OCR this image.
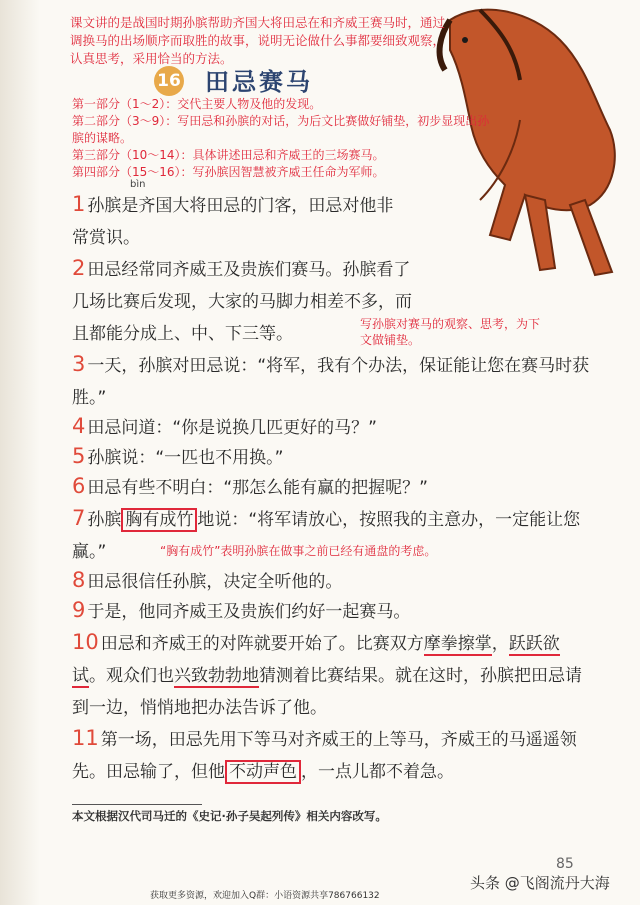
课文讲的是战国时期孙膑帮助齐国大将田忌在和齐威王赛马时，通过调换马的出场顺序而取胜的故事，说明无论做什么事都要细致观察，认真思考，采用恰当的方法。
16 田忌赛马
第一部分（1～2）：交代主要人物及他的发现。
第二部分（3～9）：写田忌和孙膑的对话，为后文比赛做好铺垫，初步显现出孙膑的谋略。
第三部分（10～14）：具体讲述田忌和齐威王的三场赛马。
第四部分（15～16）：写孙膑因智慧被齐威王任命为军师。
bìn
1 孙膑是齐国大将田忌的门客，田忌对他非常赏识。
2 田忌经常同齐威王及贵族们赛马。孙膑看了几场比赛后发现，大家的马脚力相差不多，而且都能分成上、中、下三等。	写孙膑对赛马的观察、思考，为下文做铺垫。
3 一天，孙膑对田忌说：“将军，我有个办法，保证能让您在赛马时获胜。”
4 田忌问道：“你是说换几匹更好的马？”
5 孙膑说：“一匹也不用换。”
6 田忌有些不明白：“那怎么能有赢的把握呢？”
7 孙膑 胸有成竹 地说：“将军请放心，按照我的主意办，一定能让您赢。”	“胸有成竹”表明孙膑在做事之前已经有通盘的考虑。
8 田忌很信任孙膑，决定全听他的。
9 于是，他同齐威王及贵族们约好一起赛马。
10 田忌和齐威王的对阵就要开始了。比赛双方摩拳擦掌，跃跃欲试。观众们也兴致勃勃地猜测着比赛结果。就在这时，孙膑把田忌请到一边，悄悄地把办法告诉了他。
11 第一场，田忌先用下等马对齐威王的上等马，齐威王的马遥遥领先。田忌输了，但他 不动声色 ，一点儿都不着急。
本文根据汉代司马迁的《史记·孙子吴起列传》相关内容改写。
85
头条 @飞阁流丹大海
获取更多资源，欢迎加入Q群：小语资源共享786766132
